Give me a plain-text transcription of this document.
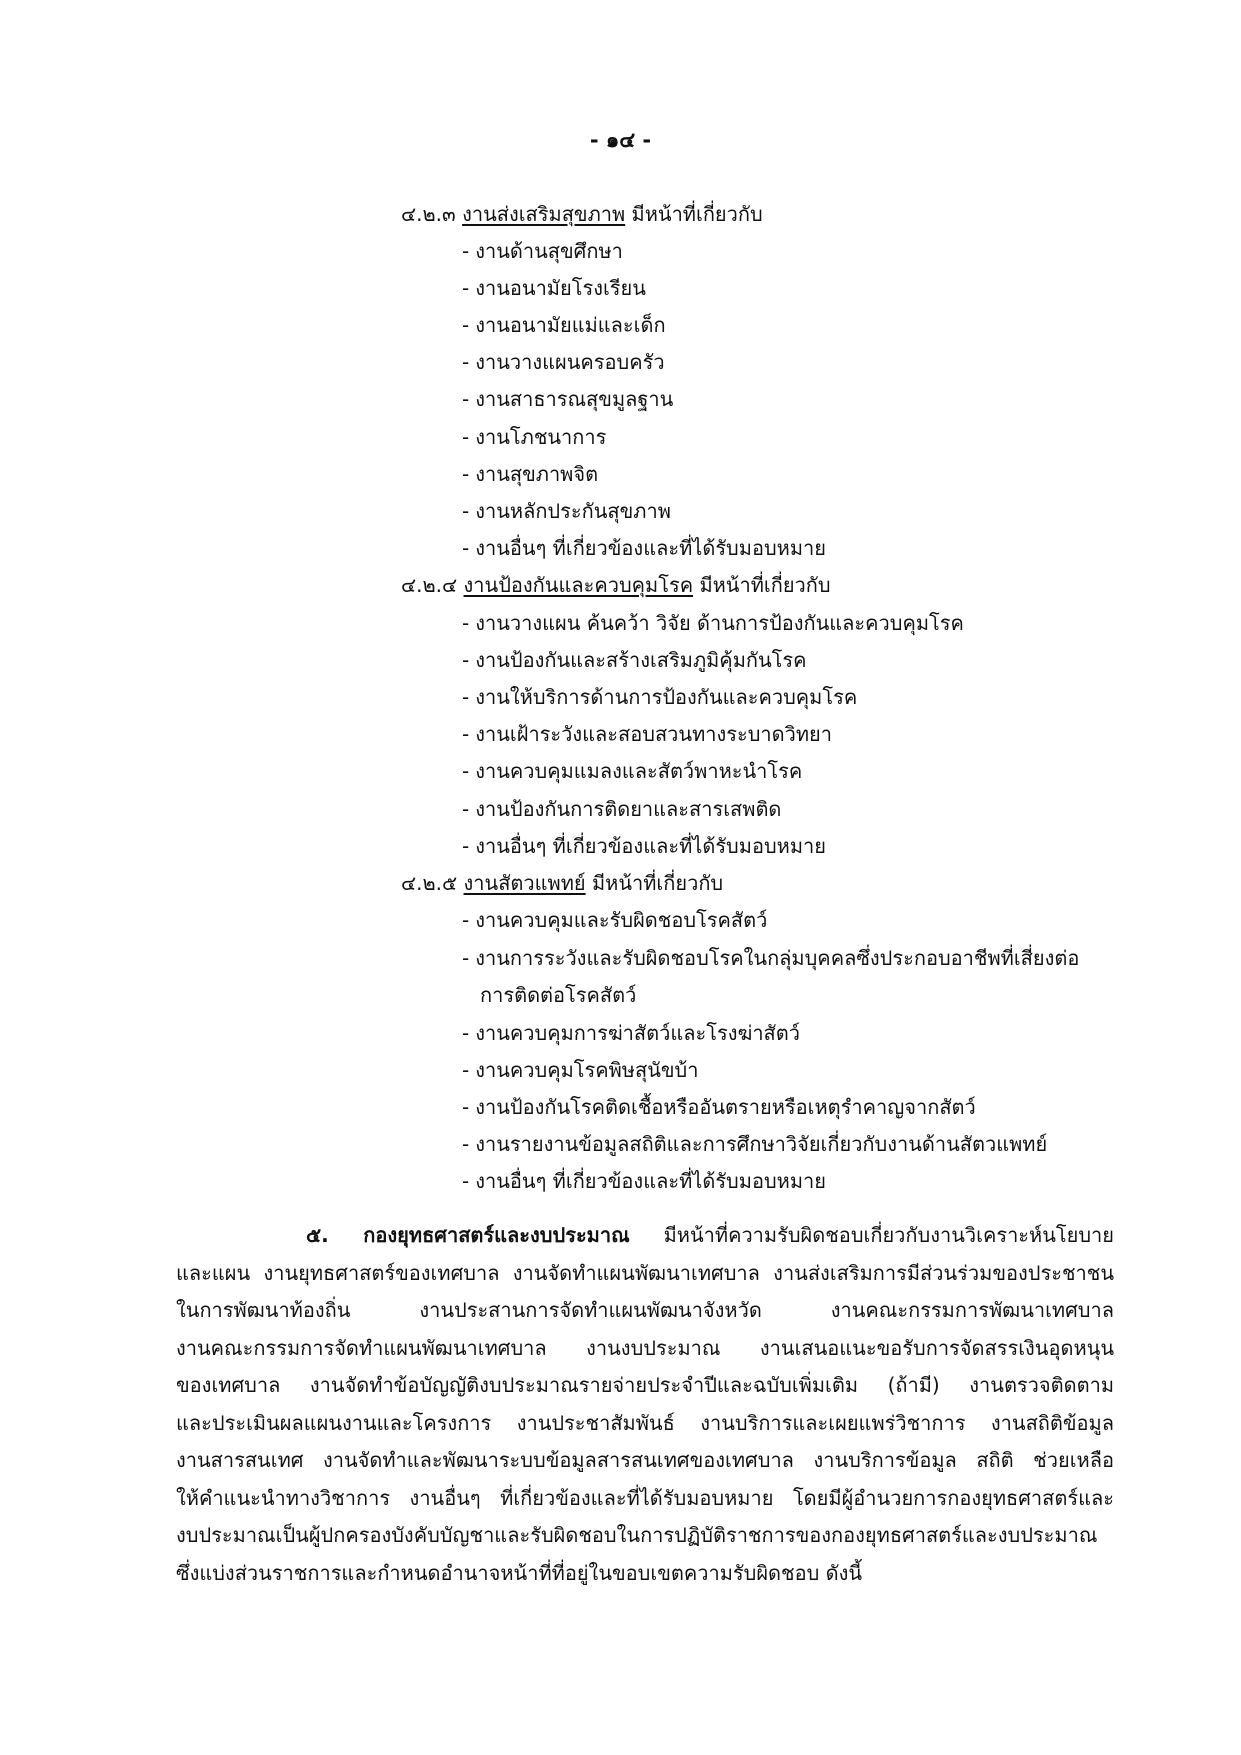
- ๑๔ -
๔.๒.๓ งานส่งเสริมสุขภาพ มีหน้าที่เกี่ยวกับ
- งานด้านสุขศึกษา
- งานอนามัยโรงเรียน
- งานอนามัยแม่และเด็ก
- งานวางแผนครอบครัว
- งานสาธารณสุขมูลฐาน
- งานโภชนาการ
- งานสุขภาพจิต
- งานหลักประกันสุขภาพ
- งานอื่นๆ ที่เกี่ยวข้องและที่ได้รับมอบหมาย
๔.๒.๔ งานป้องกันและควบคุมโรค มีหน้าที่เกี่ยวกับ
- งานวางแผน ค้นคว้า วิจัย ด้านการป้องกันและควบคุมโรค
- งานป้องกันและสร้างเสริมภูมิคุ้มกันโรค
- งานให้บริการด้านการป้องกันและควบคุมโรค
- งานเฝ้าระวังและสอบสวนทางระบาดวิทยา
- งานควบคุมแมลงและสัตว์พาหะนำโรค
- งานป้องกันการติดยาและสารเสพติด
- งานอื่นๆ ที่เกี่ยวข้องและที่ได้รับมอบหมาย
๔.๒.๕ งานสัตวแพทย์ มีหน้าที่เกี่ยวกับ
- งานควบคุมและรับผิดชอบโรคสัตว์
- งานการระวังและรับผิดชอบโรคในกลุ่มบุคคลซึ่งประกอบอาชีพที่เสี่ยงต่อ
การติดต่อโรคสัตว์
- งานควบคุมการฆ่าสัตว์และโรงฆ่าสัตว์
- งานควบคุมโรคพิษสุนัขบ้า
- งานป้องกันโรคติดเชื้อหรืออันตรายหรือเหตุรำคาญจากสัตว์
- งานรายงานข้อมูลสถิติและการศึกษาวิจัยเกี่ยวกับงานด้านสัตวแพทย์
- งานอื่นๆ ที่เกี่ยวข้องและที่ได้รับมอบหมาย
๕. กองยุทธศาสตร์และงบประมาณ มีหน้าที่ความรับผิดชอบเกี่ยวกับงานวิเคราะห์นโยบาย
และแผน งานยุทธศาสตร์ของเทศบาล งานจัดทำแผนพัฒนาเทศบาล งานส่งเสริมการมีส่วนร่วมของประชาชน
ในการพัฒนาท้องถิ่น งานประสานการจัดทำแผนพัฒนาจังหวัด งานคณะกรรมการพัฒนาเทศบาล
งานคณะกรรมการจัดทำแผนพัฒนาเทศบาล งานงบประมาณ งานเสนอแนะขอรับการจัดสรรเงินอุดหนุน
ของเทศบาล งานจัดทำข้อบัญญัติงบประมาณรายจ่ายประจำปีและฉบับเพิ่มเติม (ถ้ามี) งานตรวจติดตาม
และประเมินผลแผนงานและโครงการ งานประชาสัมพันธ์ งานบริการและเผยแพร่วิชาการ งานสถิติข้อมูล
งานสารสนเทศ งานจัดทำและพัฒนาระบบข้อมูลสารสนเทศของเทศบาล งานบริการข้อมูล สถิติ ช่วยเหลือ
ให้คำแนะนำทางวิชาการ งานอื่นๆ ที่เกี่ยวข้องและที่ได้รับมอบหมาย โดยมีผู้อำนวยการกองยุทธศาสตร์และ
งบประมาณเป็นผู้ปกครองบังคับบัญชาและรับผิดชอบในการปฏิบัติราชการของกองยุทธศาสตร์และงบประมาณ
ซึ่งแบ่งส่วนราชการและกำหนดอำนาจหน้าที่ที่อยู่ในขอบเขตความรับผิดชอบ ดังนี้
